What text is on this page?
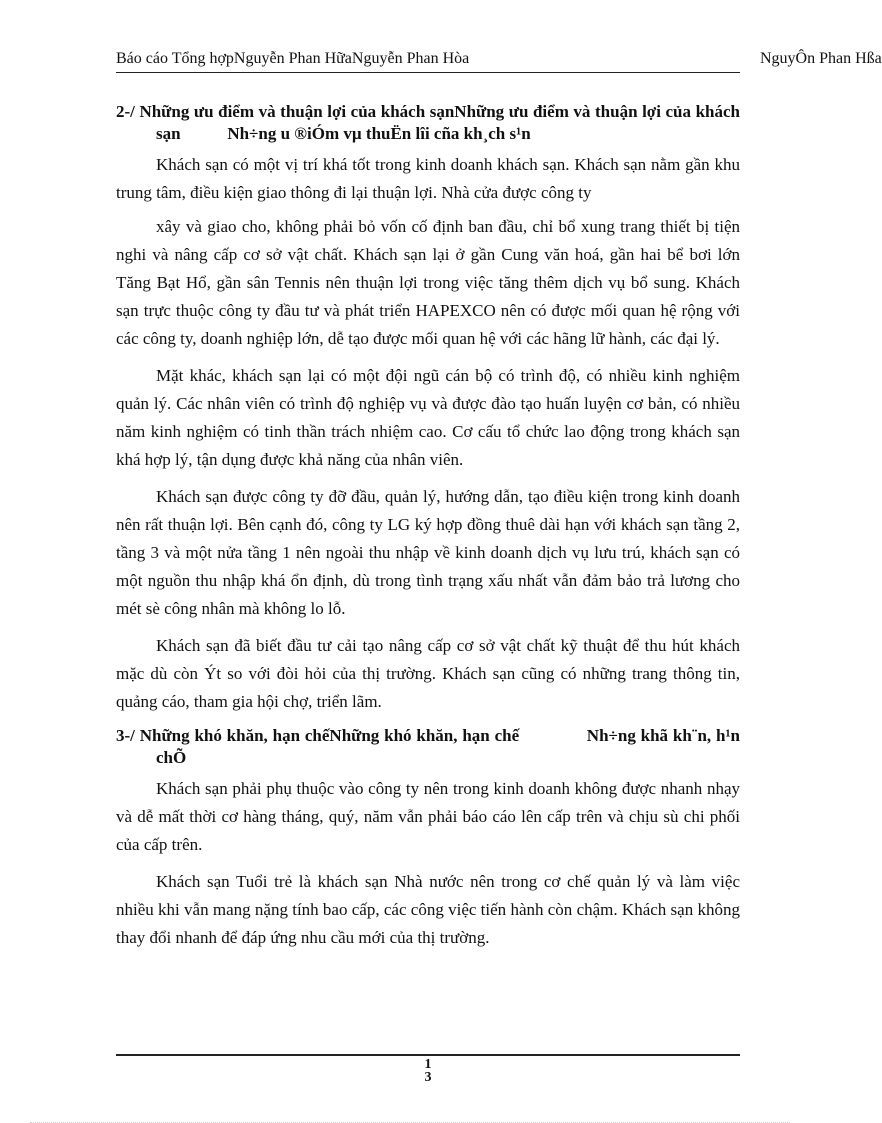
Báo cáo Tổng hợpNguyễn Phan HữaNguyễn Phan Hòa	NguyÔn Phan Hßa
2-/ Những ưu điểm và thuận lợi của khách sạnNhững ưu điểm và thuận lợi của khách sạn	Nh÷ng u ®iÓm vµ thuËn lîi cña kh¸ch s¹n

Khách sạn có một vị trí khá tốt trong kinh doanh khách sạn. Khách sạn nằm gần khu trung tâm, điều kiện giao thông đi lại thuận lợi. Nhà cửa được công ty

xây và giao cho, không phải bỏ vốn cố định ban đầu, chỉ bổ xung trang thiết bị tiện nghi và nâng cấp cơ sở vật chất. Khách sạn lại ở gần Cung văn hoá, gần hai bể bơi lớn Tăng Bạt Hổ, gần sân Tennis nên thuận lợi trong việc tăng thêm dịch vụ bổ sung. Khách sạn trực thuộc công ty đầu tư và phát triển HAPEXCO nên có được mối quan hệ rộng với các công ty, doanh nghiệp lớn, dễ tạo được mối quan hệ với các hãng lữ hành, các đại lý.

Mặt khác, khách sạn lại có một đội ngũ cán bộ có trình độ, có nhiều kinh nghiệm quản lý. Các nhân viên có trình độ nghiệp vụ và được đào tạo huấn luyện cơ bản, có nhiều năm kinh nghiệm có tinh thần trách nhiệm cao. Cơ cấu tổ chức lao động trong khách sạn khá hợp lý, tận dụng được khả năng của nhân viên.

Khách sạn được công ty đỡ đầu, quản lý, hướng dẫn, tạo điều kiện trong kinh doanh nên rất thuận lợi. Bên cạnh đó, công ty LG ký hợp đồng thuê dài hạn với khách sạn tầng 2, tầng 3 và một nửa tầng 1 nên ngoài thu nhập về kinh doanh dịch vụ lưu trú, khách sạn có một nguồn thu nhập khá ổn định, dù trong tình trạng xấu nhất vẫn đảm bảo trả lương cho mét sè công nhân mà không lo lỗ.

Khách sạn đã biết đầu tư cải tạo nâng cấp cơ sở vật chất kỹ thuật để thu hút khách mặc dù còn Ýt so với đòi hỏi của thị trường. Khách sạn cũng có những trang thông tin, quảng cáo, tham gia hội chợ, triển lãm.

3-/ Những khó khăn, hạn chếNhững khó khăn, hạn chế	Nh÷ng khã kh¨n, h¹n chÕ

Khách sạn phải phụ thuộc vào công ty nên trong kinh doanh không được nhanh nhạy và dễ mất thời cơ hàng tháng, quý, năm vẫn phải báo cáo lên cấp trên và chịu sù chi phối của cấp trên.

Khách sạn Tuổi trẻ là khách sạn Nhà nước nên trong cơ chế quản lý và làm việc nhiều khi vẫn mang nặng tính bao cấp, các công việc tiến hành còn chậm. Khách sạn không thay đổi nhanh để đáp ứng nhu cầu mới của thị trường.

1
3
